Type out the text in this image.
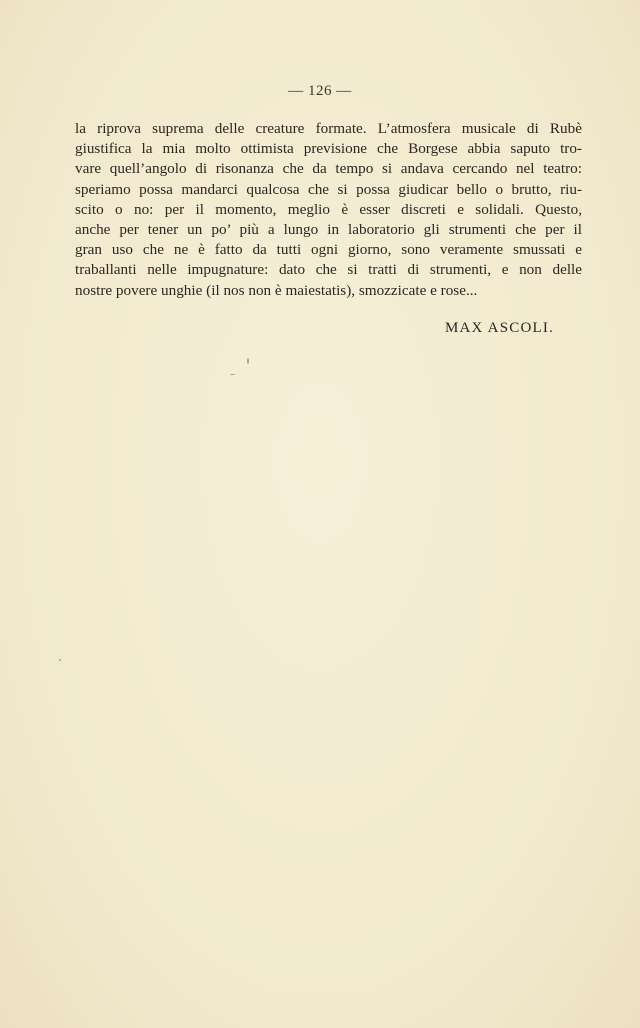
— 126 —
la riprova suprema delle creature formate. L’atmosfera musicale di Rubè
giustifica la mia molto ottimista previsione che Borgese abbia saputo tro-
vare quell’angolo di risonanza che da tempo si andava cercando nel teatro:
speriamo possa mandarci qualcosa che si possa giudicar bello o brutto, riu-
scito o no: per il momento, meglio è esser discreti e solidali. Questo,
anche per tener un po’ più a lungo in laboratorio gli strumenti che per il
gran uso che ne è fatto da tutti ogni giorno, sono veramente smussati e
traballanti nelle impugnature: dato che si tratti di strumenti, e non delle
nostre povere unghie (il nos non è maiestatis), smozzicate e rose...
MAX ASCOLI.
